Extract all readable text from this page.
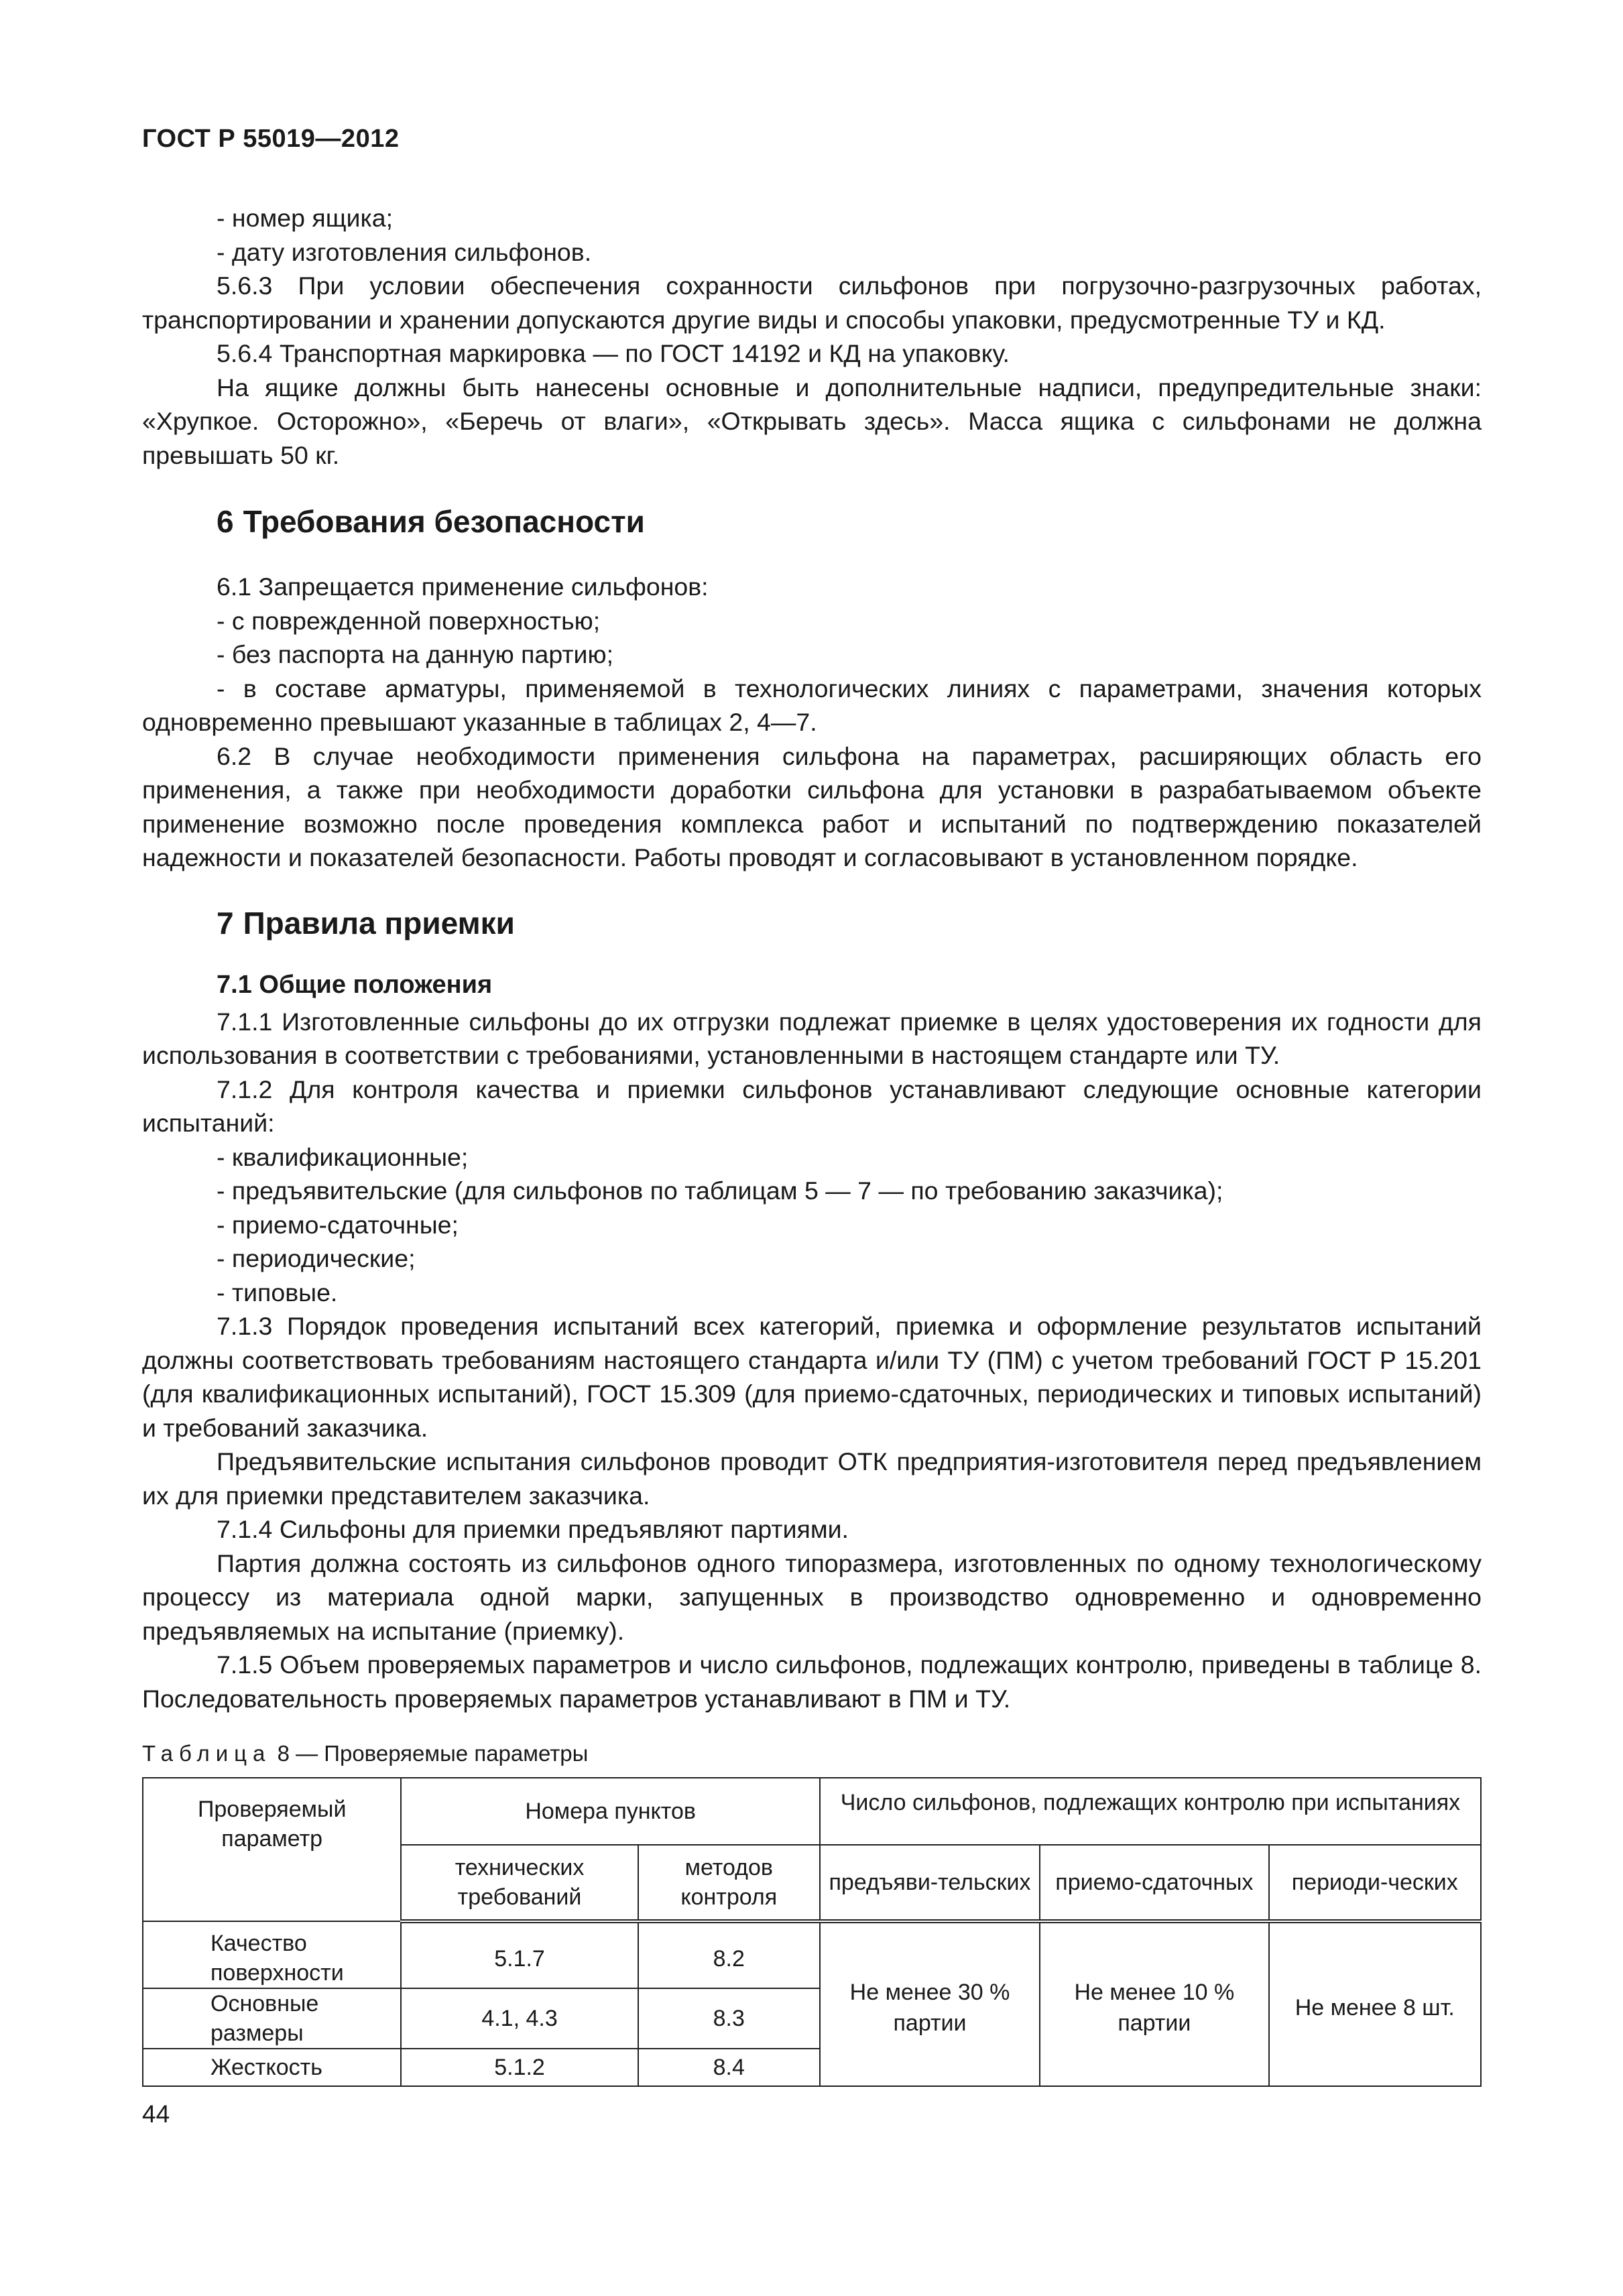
ГОСТ Р 55019—2012

- номер ящика;

- дату изготовления сильфонов.

5.6.3 При условии обеспечения сохранности сильфонов при погрузочно-разгрузочных работах, транспортировании и хранении допускаются другие виды и способы упаковки, предусмотренные ТУ и КД.

5.6.4 Транспортная маркировка — по ГОСТ 14192 и КД на упаковку.

На ящике должны быть нанесены основные и дополнительные надписи, предупредительные знаки: «Хрупкое. Осторожно», «Беречь от влаги», «Открывать здесь». Масса ящика с сильфонами не должна превышать 50 кг.

6 Требования безопасности

6.1 Запрещается применение сильфонов:

- с поврежденной поверхностью;

- без паспорта на данную партию;

- в составе арматуры, применяемой в технологических линиях с параметрами, значения которых одновременно превышают указанные в таблицах 2, 4—7.

6.2 В случае необходимости применения сильфона на параметрах, расширяющих область его применения, а также при необходимости доработки сильфона для установки в разрабатываемом объекте применение возможно после проведения комплекса работ и испытаний по подтверждению показателей надежности и показателей безопасности. Работы проводят и согласовывают в установленном порядке.

7 Правила приемки
7.1 Общие положения

7.1.1 Изготовленные сильфоны до их отгрузки подлежат приемке в целях удостоверения их годности для использования в соответствии с требованиями, установленными в настоящем стандарте или ТУ.

7.1.2 Для контроля качества и приемки сильфонов устанавливают следующие основные категории испытаний:

- квалификационные;

- предъявительские (для сильфонов по таблицам 5 — 7 — по требованию заказчика);

- приемо-сдаточные;

- периодические;

- типовые.

7.1.3 Порядок проведения испытаний всех категорий, приемка и оформление результатов испытаний должны соответствовать требованиям настоящего стандарта и/или ТУ (ПМ) с учетом требований ГОСТ Р 15.201 (для квалификационных испытаний), ГОСТ 15.309 (для приемо-сдаточных, периодических и типовых испытаний) и требований заказчика.

Предъявительские испытания сильфонов проводит ОТК предприятия-изготовителя перед предъявлением их для приемки представителем заказчика.

7.1.4 Сильфоны для приемки предъявляют партиями.

Партия должна состоять из сильфонов одного типоразмера, изготовленных по одному технологическому процессу из материала одной марки, запущенных в производство одновременно и одновременно предъявляемых на испытание (приемку).

7.1.5 Объем проверяемых параметров и число сильфонов, подлежащих контролю, приведены в таблице 8. Последовательность проверяемых параметров устанавливают в ПМ и ТУ.

Таблица 8 — Проверяемые параметры

Проверяемый параметр	Номера пунктов		Число сильфонов, подлежащих контролю при испытаниях		
	технических требований	методов контроля	предъяви-тельских	приемо-сдаточных	периоди-ческих
Качество поверхности	5.1.7	8.2	Не менее 30 % партии	Не менее 10 % партии	Не менее 8 шт.
Основные размеры	4.1, 4.3	8.3			
Жесткость	5.1.2	8.4			
44
